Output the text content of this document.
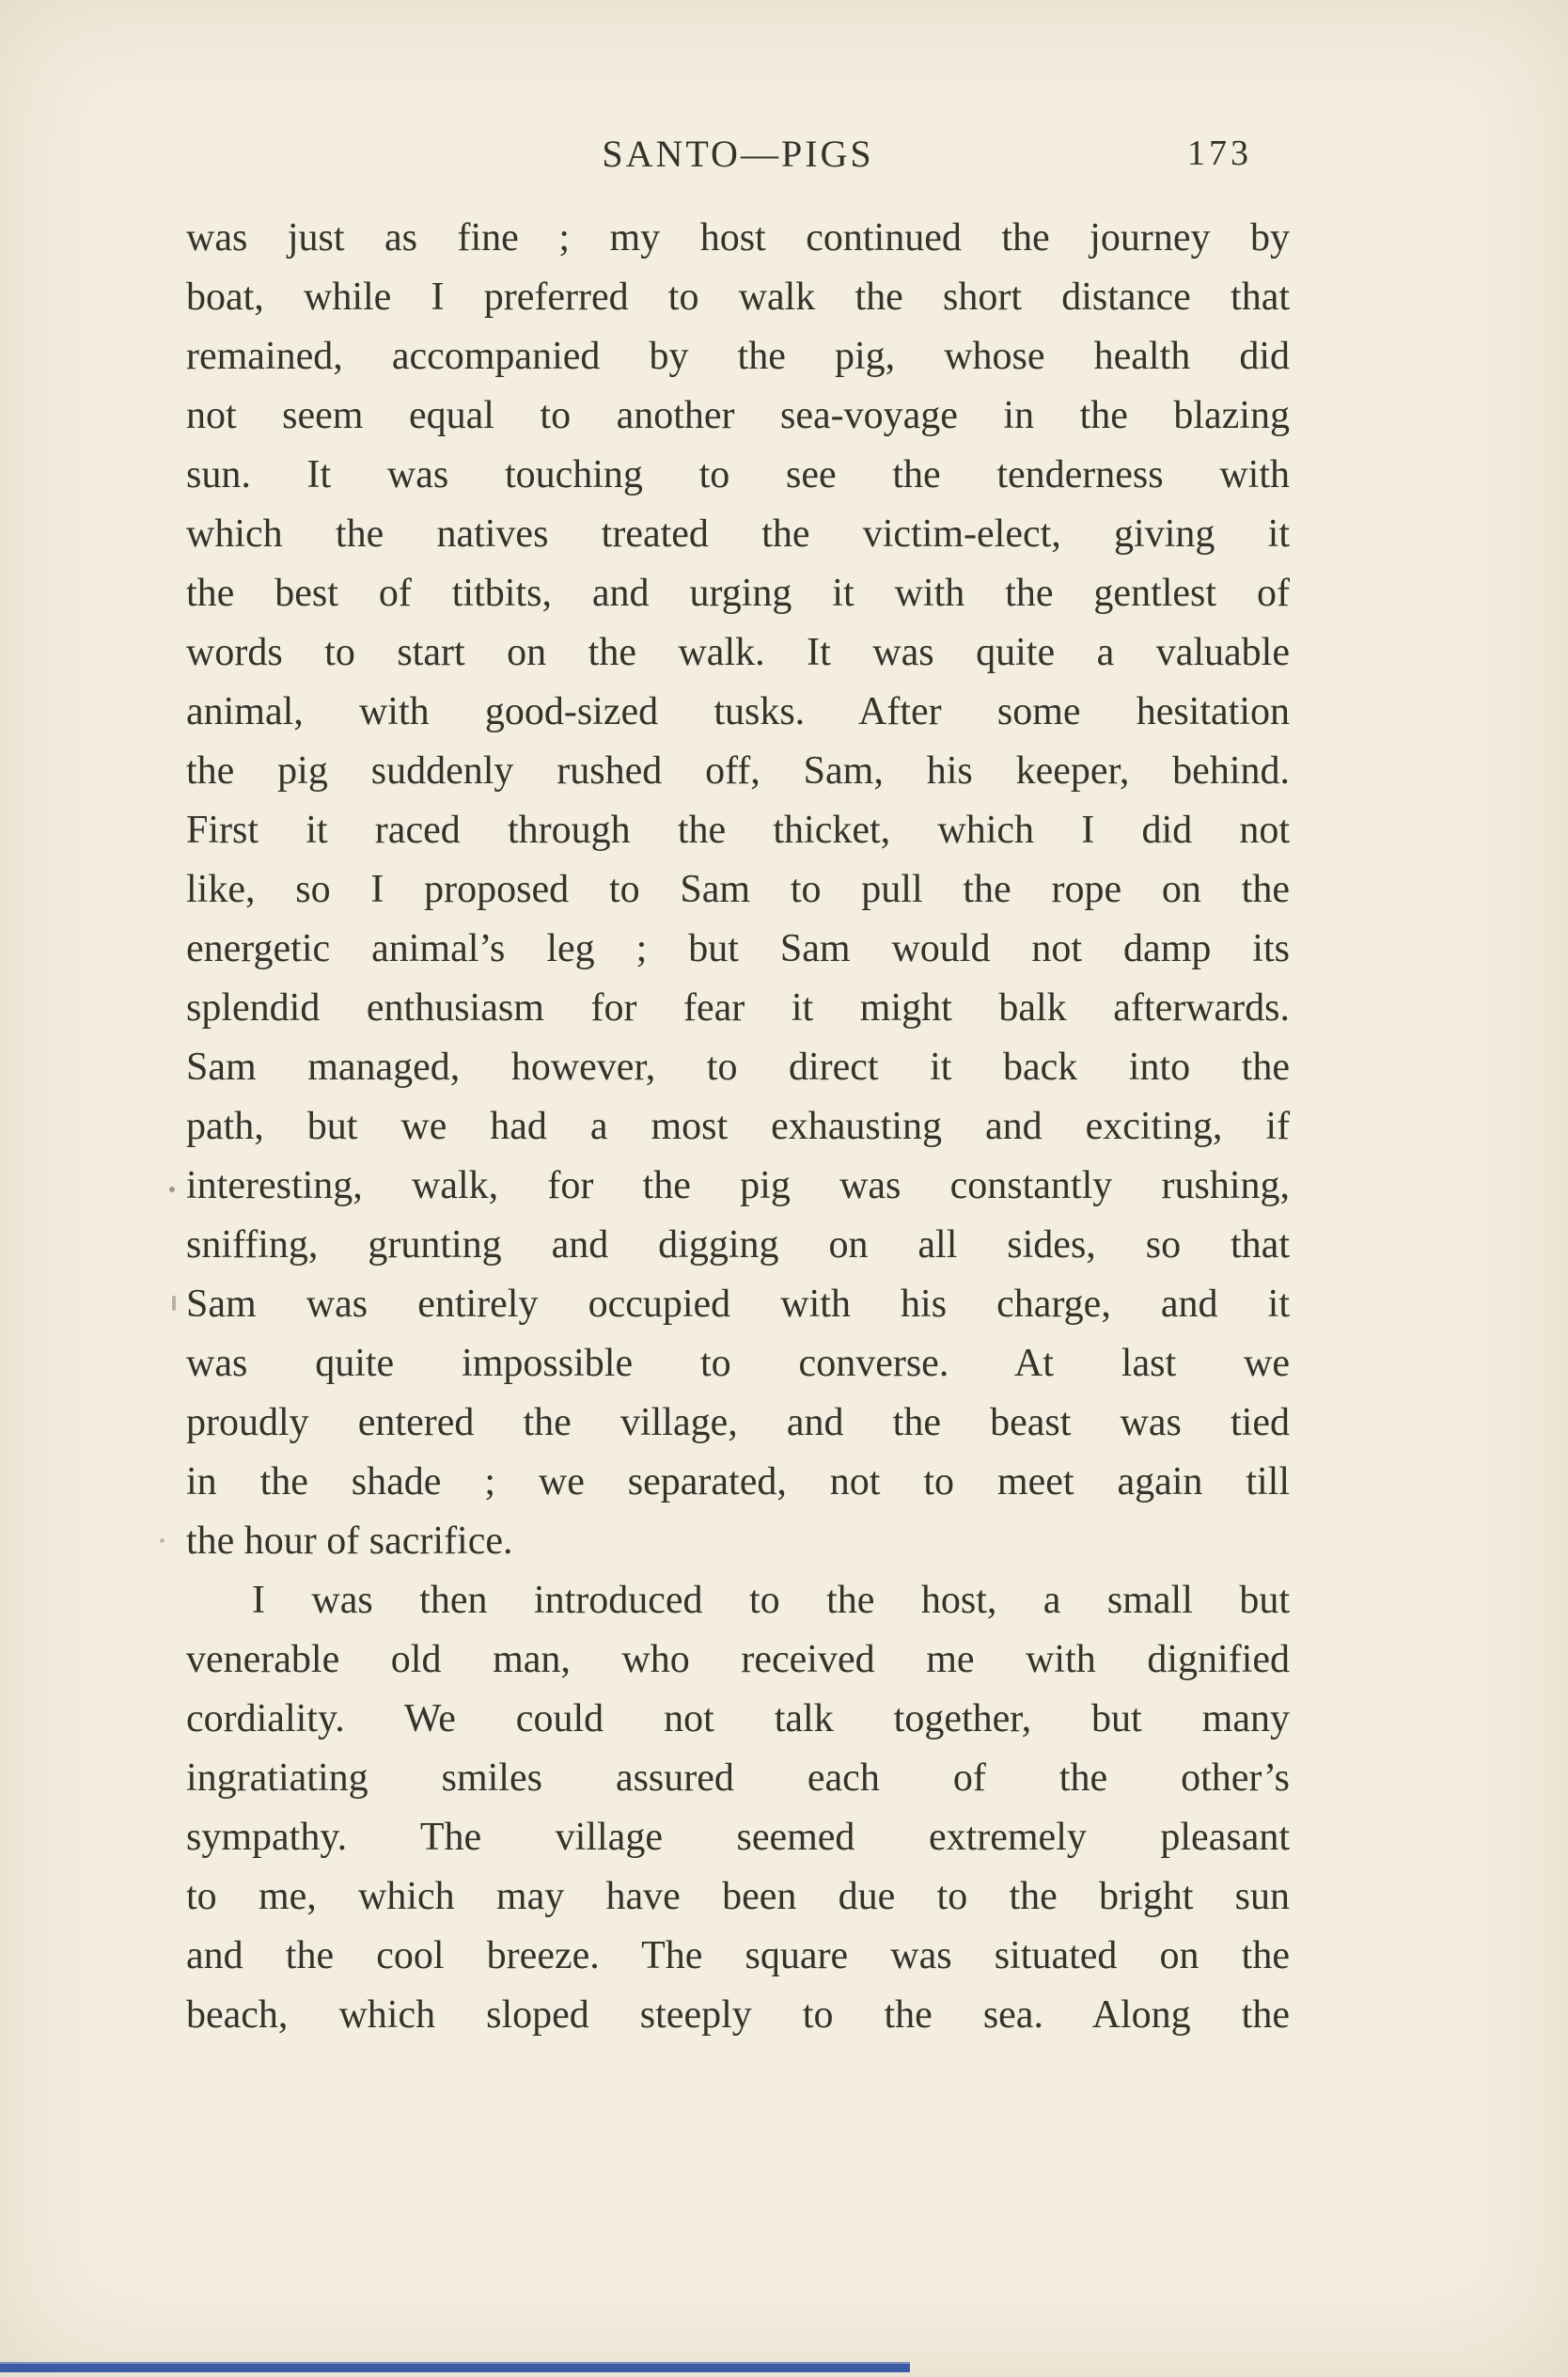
SANTO—PIGS	173
was just as fine ; my host continued the journey by
boat, while I preferred to walk the short distance that
remained, accompanied by the pig, whose health did
not seem equal to another sea-voyage in the blazing
sun. It was touching to see the tenderness with
which the natives treated the victim-elect, giving it
the best of titbits, and urging it with the gentlest of
words to start on the walk. It was quite a valuable
animal, with good-sized tusks. After some hesitation
the pig suddenly rushed off, Sam, his keeper, behind.
First it raced through the thicket, which I did not
like, so I proposed to Sam to pull the rope on the
energetic animal’s leg ; but Sam would not damp its
splendid enthusiasm for fear it might balk afterwards.
Sam managed, however, to direct it back into the
path, but we had a most exhausting and exciting, if
interesting, walk, for the pig was constantly rushing,
sniffing, grunting and digging on all sides, so that
Sam was entirely occupied with his charge, and it
was quite impossible to converse. At last we
proudly entered the village, and the beast was tied
in the shade ; we separated, not to meet again till
the hour of sacrifice.
I was then introduced to the host, a small but
venerable old man, who received me with dignified
cordiality. We could not talk together, but many
ingratiating smiles assured each of the other’s
sympathy. The village seemed extremely pleasant
to me, which may have been due to the bright sun
and the cool breeze. The square was situated on the
beach, which sloped steeply to the sea. Along the
